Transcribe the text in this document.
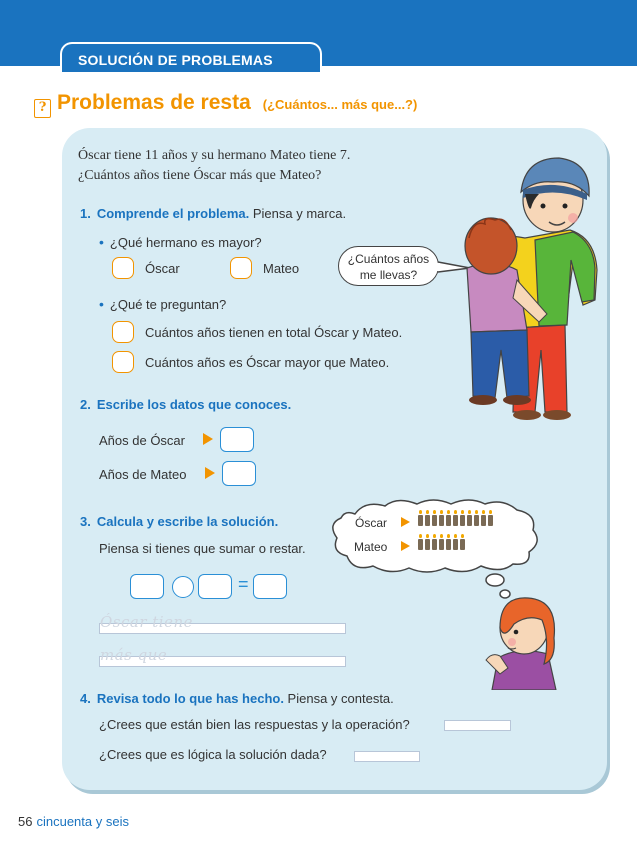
SOLUCIÓN DE PROBLEMAS
? Problemas de resta (¿Cuántos... más que...?)
Óscar tiene 11 años y su hermano Mateo tiene 7.
¿Cuántos años tiene Óscar más que Mateo?
1. Comprende el problema. Piensa y marca.
• ¿Qué hermano es mayor?
Óscar	Mateo
• ¿Qué te preguntan?
Cuántos años tienen en total Óscar y Mateo.
Cuántos años es Óscar mayor que Mateo.
¿Cuántos años
me llevas?
2. Escribe los datos que conoces.
Años de Óscar
Años de Mateo
3. Calcula y escribe la solución.
Piensa si tienes que sumar o restar.
=
Óscar tiene
más que
Óscar
Mateo
4. Revisa todo lo que has hecho. Piensa y contesta.
¿Crees que están bien las respuestas y la operación?
¿Crees que es lógica la solución dada?
56 cincuenta y seis
